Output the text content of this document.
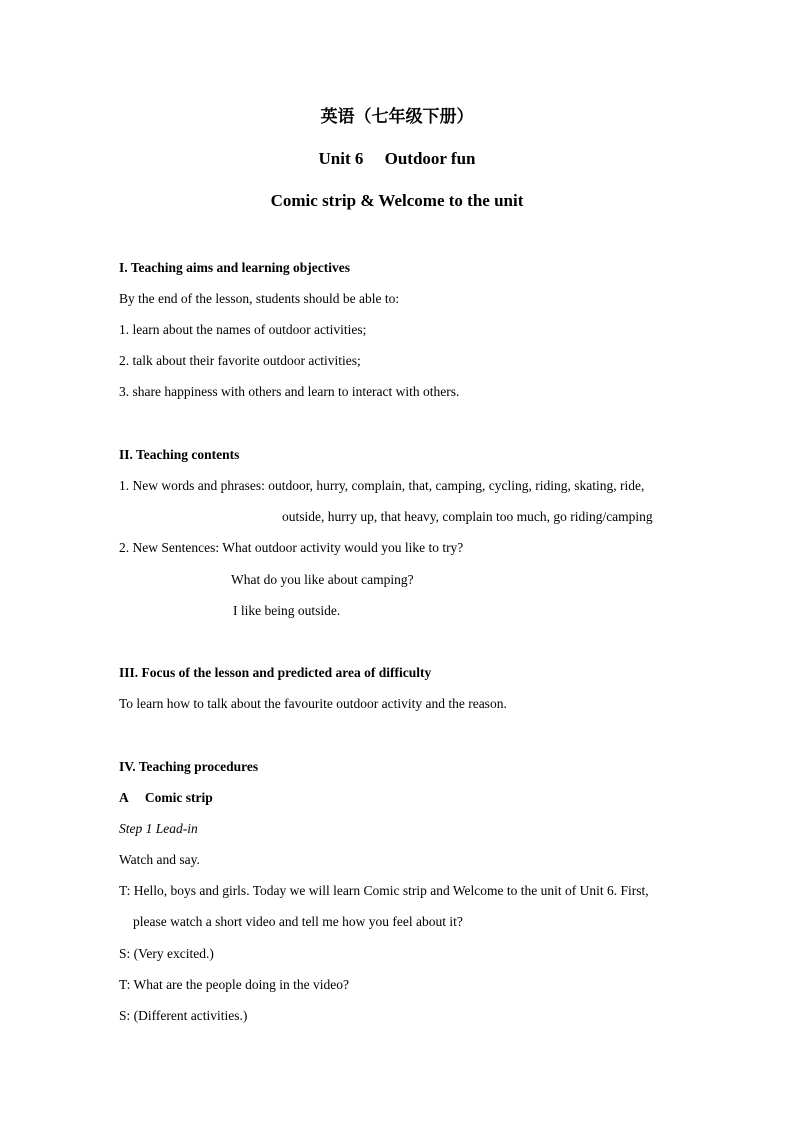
英语（七年级下册）
Unit 6　 Outdoor fun
Comic strip & Welcome to the unit
I. Teaching aims and learning objectives
By the end of the lesson, students should be able to:
1. learn about the names of outdoor activities;
2. talk about their favorite outdoor activities;
3. share happiness with others and learn to interact with others.
II. Teaching contents
1. New words and phrases: outdoor, hurry, complain, that, camping, cycling, riding, skating, ride,
outside, hurry up, that heavy, complain too much, go riding/camping
2. New Sentences: What outdoor activity would you like to try?
What do you like about camping?
I like being outside.
III. Focus of the lesson and predicted area of difficulty
To learn how to talk about the favourite outdoor activity and the reason.
IV. Teaching procedures
A　 Comic strip
Step 1 Lead-in
Watch and say.
T: Hello, boys and girls. Today we will learn Comic strip and Welcome to the unit of Unit 6. First,
please watch a short video and tell me how you feel about it?
S: (Very excited.)
T: What are the people doing in the video?
S: (Different activities.)
